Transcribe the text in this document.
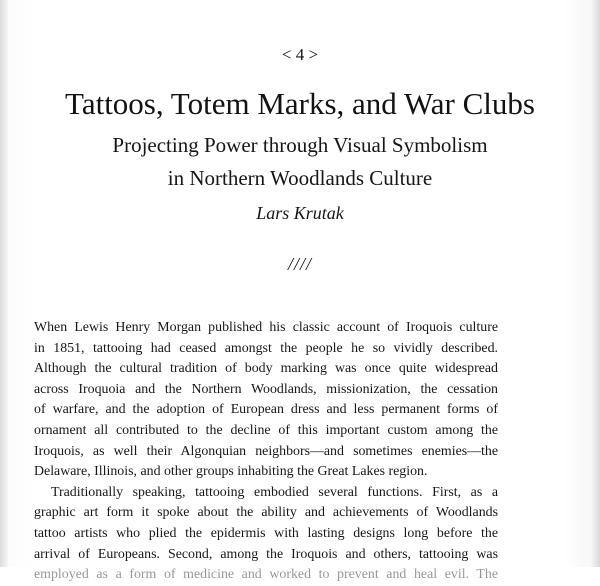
< 4 >
Tattoos, Totem Marks, and War Clubs
Projecting Power through Visual Symbolism
in Northern Woodlands Culture
Lars Krutak
////
When Lewis Henry Morgan published his classic account of Iroquois culture
in 1851, tattooing had ceased amongst the people he so vividly described.
Although the cultural tradition of body marking was once quite widespread
across Iroquoia and the Northern Woodlands, missionization, the cessation
of warfare, and the adoption of European dress and less permanent forms of
ornament all contributed to the decline of this important custom among the
Iroquois, as well their Algonquian neighbors—and sometimes enemies—the
Delaware, Illinois, and other groups inhabiting the Great Lakes region.
Traditionally speaking, tattooing embodied several functions. First, as a
graphic art form it spoke about the ability and achievements of Woodlands
tattoo artists who plied the epidermis with lasting designs long before the
arrival of Europeans. Second, among the Iroquois and others, tattooing was
employed as a form of medicine and worked to prevent and heal evil. The
